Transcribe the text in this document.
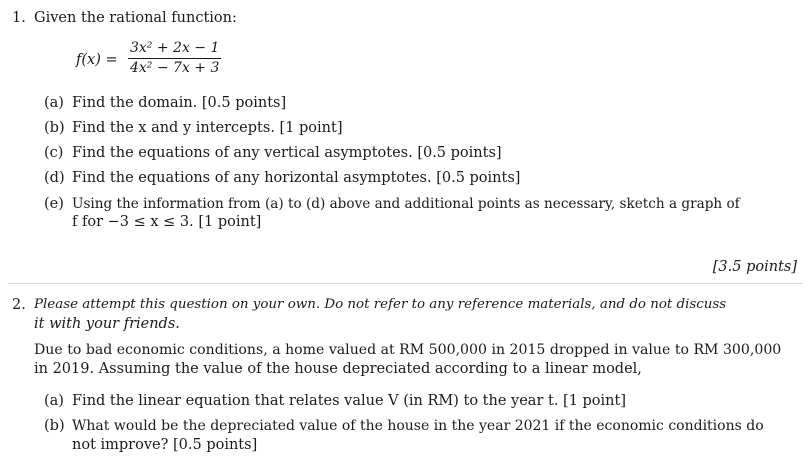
1. Given the rational function:
f(x) =
3x² + 2x − 1
4x² − 7x + 3
(a) Find the domain. [0.5 points]
(b) Find the x and y intercepts. [1 point]
(c) Find the equations of any vertical asymptotes. [0.5 points]
(d) Find the equations of any horizontal asymptotes. [0.5 points]
(e) Using the information from (a) to (d) above and additional points as necessary, sketch a graph of
f for −3 ≤ x ≤ 3. [1 point]
[3.5 points]
2. Please attempt this question on your own. Do not refer to any reference materials, and do not discuss
it with your friends.
Due to bad economic conditions, a home valued at RM 500,000 in 2015 dropped in value to RM 300,000
in 2019. Assuming the value of the house depreciated according to a linear model,
(a) Find the linear equation that relates value V (in RM) to the year t. [1 point]
(b) What would be the depreciated value of the house in the year 2021 if the economic conditions do
not improve? [0.5 points]
